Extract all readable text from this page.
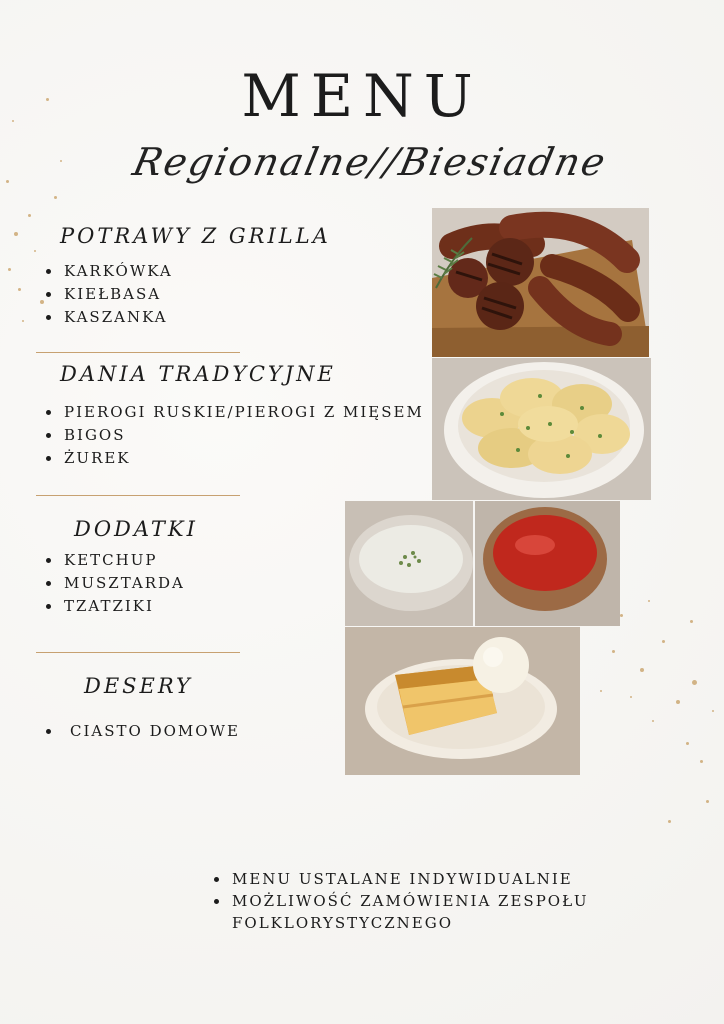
MENU
Regionalne//Biesiadne
POTRAWY Z GRILLA
KARKÓWKA
KIEŁBASA
KASZANKA
DANIA TRADYCYJNE
PIEROGI RUSKIE/PIEROGI Z MIĘSEM
BIGOS
ŻUREK
DODATKI
KETCHUP
MUSZTARDA
TZATZIKI
DESERY
CIASTO DOMOWE
MENU USTALANE INDYWIDUALNIE
MOŻLIWOŚĆ ZAMÓWIENIA ZESPOŁU FOLKLORYSTYCZNEGO
